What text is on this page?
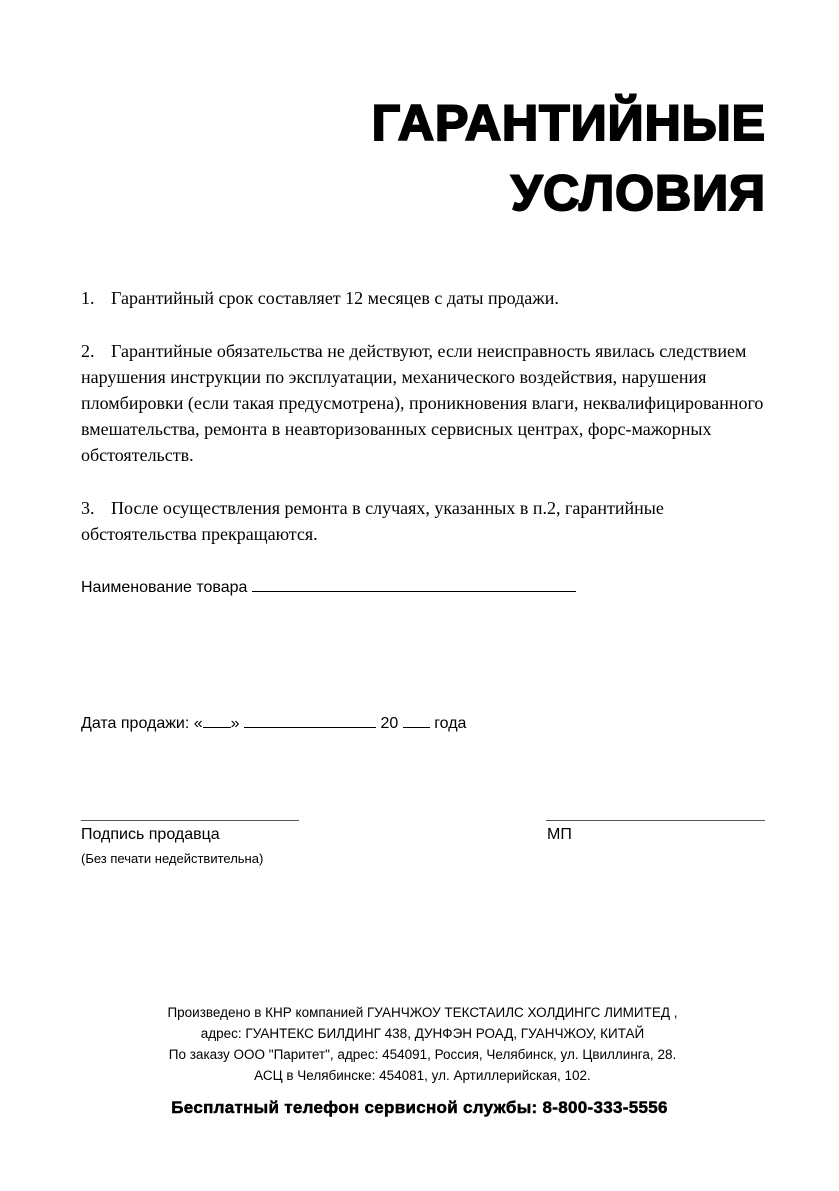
ГАРАНТИЙНЫЕ
УСЛОВИЯ
1. Гарантийный срок составляет 12 месяцев с даты продажи.
2. Гарантийные обязательства не действуют, если неисправность явилась следствием нарушения инструкции по эксплуатации, механического воздействия, нарушения пломбировки (если такая предусмотрена), проникновения влаги, неквалифицированного вмешательства, ремонта в неавторизованных сервисных центрах, форс-мажорных обстоятельств.
3. После осуществления ремонта в случаях, указанных в п.2, гарантийные обстоятельства прекращаются.
Наименование товара
Дата продажи: « »	20 года
Подпись продавца
(Без печати недействительна)
МП
Произведено в КНР компанией ГУАНЧЖОУ ТЕКСТАИЛС ХОЛДИНГС ЛИМИТЕД ,
адрес: ГУАНТЕКС БИЛДИНГ 438, ДУНФЭН РОАД, ГУАНЧЖОУ, КИТАЙ
По заказу ООО "Паритет", адрес: 454091, Россия, Челябинск, ул. Цвиллинга, 28.
АСЦ в Челябинске: 454081, ул. Артиллерийская, 102.
Бесплатный телефон сервисной службы: 8-800-333-5556
